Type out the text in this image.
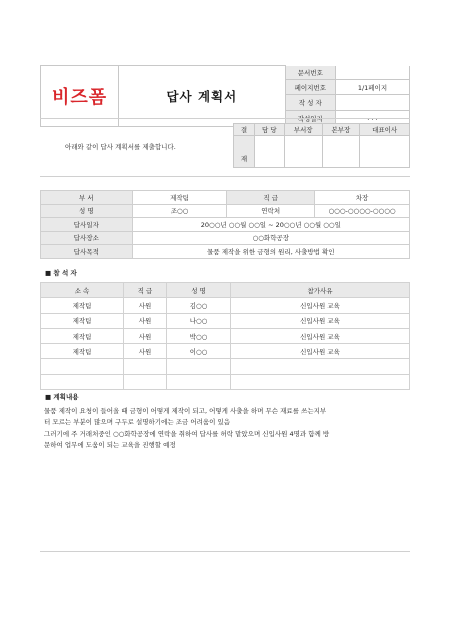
비즈폼	답사 계획서	문서번호	
		페이지번호	1/1페이지
		작 성 자	
		작성일자	. . .
아래와 같이 답사 계획서를 제출합니다.
결	담 당	부서장	본부장	대표이사
재				
부 서	제작팀	직 급	차장
성 명	조○○	연락처	○○○-○○○○-○○○○
답사일자	20○○년 ○○월 ○○일 ~ 20○○년 ○○월 ○○일		
답사장소	○○화학공장		
답사목적	물품 제작을 위한 금형의 원리, 사출방법 확인		
■ 참 석 자
소 속	직 급	성 명	참가사유
제작팀	사원	김○○	신입사원 교육
제작팀	사원	나○○	신입사원 교육
제작팀	사원	박○○	신입사원 교육
제작팀	사원	이○○	신입사원 교육

■ 계획내용

물품 제작이 요청이 들어올 때 금형이 어떻게 제작이 되고, 어떻게 사출을 하며 무슨 재료를 쓰는지부

터 모르는 부분이 많으며 구두로 설명하기에는 조금 어려움이 있음

그러기에 주 거래처중인 ○○화학공장에 연락을 취하여 답사를 허락 맡았으며 신입사원 4명과 함께 방

문하여 업무에 도움이 되는 교육을 진행할 예정
